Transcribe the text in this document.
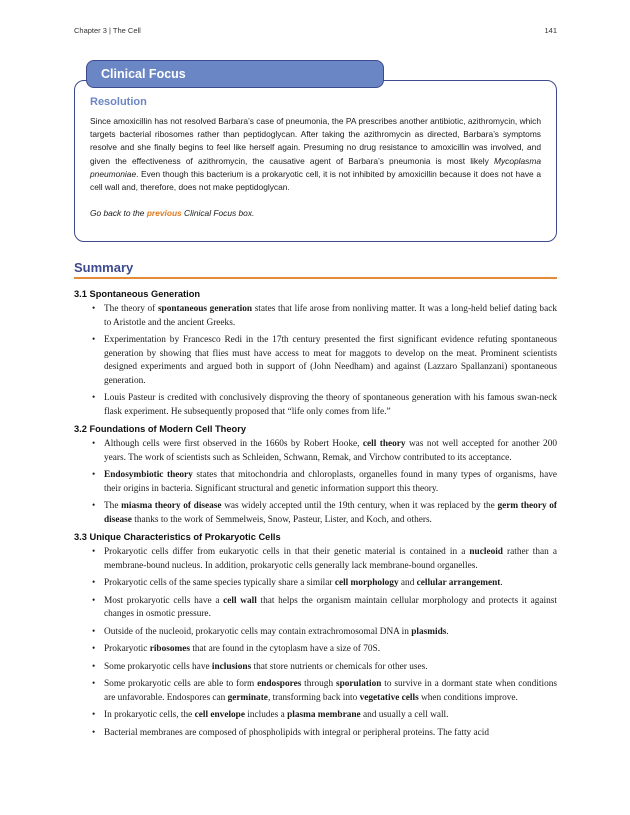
Chapter 3 | The Cell	141
Clinical Focus
Resolution
Since amoxicillin has not resolved Barbara’s case of pneumonia, the PA prescribes another antibiotic, azithromycin, which targets bacterial ribosomes rather than peptidoglycan. After taking the azithromycin as directed, Barbara’s symptoms resolve and she finally begins to feel like herself again. Presuming no drug resistance to amoxicillin was involved, and given the effectiveness of azithromycin, the causative agent of Barbara’s pneumonia is most likely Mycoplasma pneumoniae. Even though this bacterium is a prokaryotic cell, it is not inhibited by amoxicillin because it does not have a cell wall and, therefore, does not make peptidoglycan.
Go back to the previous Clinical Focus box.
Summary
3.1 Spontaneous Generation
• The theory of spontaneous generation states that life arose from nonliving matter. It was a long-held belief dating back to Aristotle and the ancient Greeks.
• Experimentation by Francesco Redi in the 17th century presented the first significant evidence refuting spontaneous generation by showing that flies must have access to meat for maggots to develop on the meat. Prominent scientists designed experiments and argued both in support of (John Needham) and against (Lazzaro Spallanzani) spontaneous generation.
• Louis Pasteur is credited with conclusively disproving the theory of spontaneous generation with his famous swan-neck flask experiment. He subsequently proposed that “life only comes from life.”
3.2 Foundations of Modern Cell Theory
• Although cells were first observed in the 1660s by Robert Hooke, cell theory was not well accepted for another 200 years. The work of scientists such as Schleiden, Schwann, Remak, and Virchow contributed to its acceptance.
• Endosymbiotic theory states that mitochondria and chloroplasts, organelles found in many types of organisms, have their origins in bacteria. Significant structural and genetic information support this theory.
• The miasma theory of disease was widely accepted until the 19th century, when it was replaced by the germ theory of disease thanks to the work of Semmelweis, Snow, Pasteur, Lister, and Koch, and others.
3.3 Unique Characteristics of Prokaryotic Cells
• Prokaryotic cells differ from eukaryotic cells in that their genetic material is contained in a nucleoid rather than a membrane-bound nucleus. In addition, prokaryotic cells generally lack membrane-bound organelles.
• Prokaryotic cells of the same species typically share a similar cell morphology and cellular arrangement.
• Most prokaryotic cells have a cell wall that helps the organism maintain cellular morphology and protects it against changes in osmotic pressure.
• Outside of the nucleoid, prokaryotic cells may contain extrachromosomal DNA in plasmids.
• Prokaryotic ribosomes that are found in the cytoplasm have a size of 70S.
• Some prokaryotic cells have inclusions that store nutrients or chemicals for other uses.
• Some prokaryotic cells are able to form endospores through sporulation to survive in a dormant state when conditions are unfavorable. Endospores can germinate, transforming back into vegetative cells when conditions improve.
• In prokaryotic cells, the cell envelope includes a plasma membrane and usually a cell wall.
• Bacterial membranes are composed of phospholipids with integral or peripheral proteins. The fatty acid
